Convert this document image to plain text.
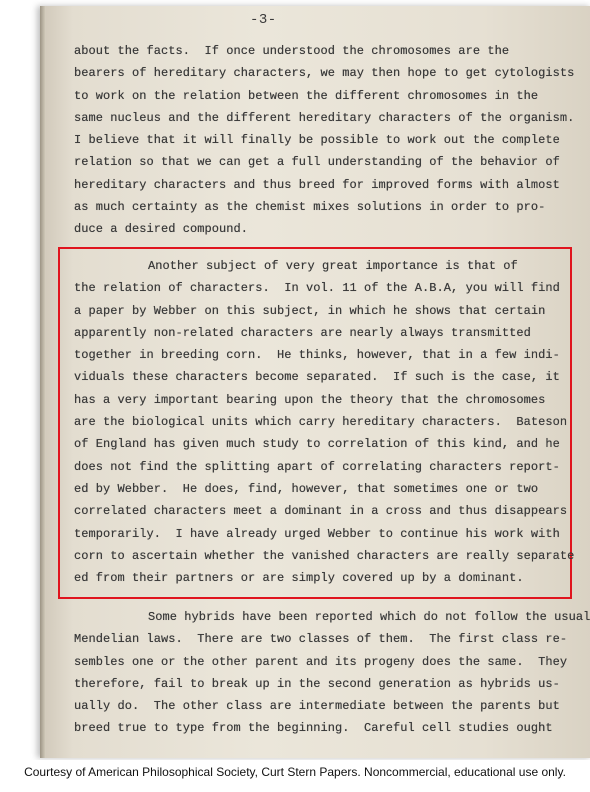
-3-
about the facts.  If once understood the chromosomes are the
bearers of hereditary characters, we may then hope to get cytologists
to work on the relation between the different chromosomes in the
same nucleus and the different hereditary characters of the organism.
I believe that it will finally be possible to work out the complete
relation so that we can get a full understanding of the behavior of
hereditary characters and thus breed for improved forms with almost
as much certainty as the chemist mixes solutions in order to pro-
duce a desired compound.
Another subject of very great importance is that of
the relation of characters.  In vol. 11 of the A.B.A, you will find
a paper by Webber on this subject, in which he shows that certain
apparently non-related characters are nearly always transmitted
together in breeding corn.  He thinks, however, that in a few indi-
viduals these characters become separated.  If such is the case, it
has a very important bearing upon the theory that the chromosomes
are the biological units which carry hereditary characters.  Bateson
of England has given much study to correlation of this kind, and he
does not find the splitting apart of correlating characters report-
ed by Webber.  He does, find, however, that sometimes one or two
correlated characters meet a dominant in a cross and thus disappears
temporarily.  I have already urged Webber to continue his work with
corn to ascertain whether the vanished characters are really separate
ed from their partners or are simply covered up by a dominant.
Some hybrids have been reported which do not follow the usual
Mendelian laws.  There are two classes of them.  The first class re-
sembles one or the other parent and its progeny does the same.  They
therefore, fail to break up in the second generation as hybrids us-
ually do.  The other class are intermediate between the parents but
breed true to type from the beginning.  Careful cell studies ought
Courtesy of American Philosophical Society, Curt Stern Papers. Noncommercial, educational use only.
